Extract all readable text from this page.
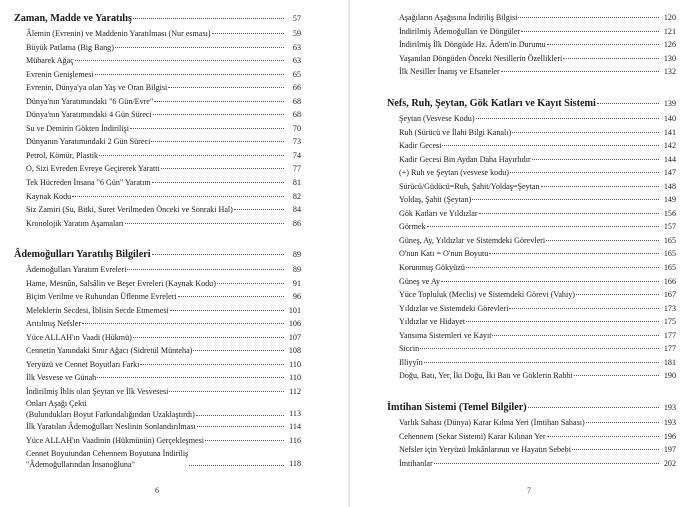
Zaman, Madde ve Yaratılış	57
Âlemin (Evrenin) ve Maddenin Yaratılması (Nur esması)	59
Büyük Patlama (Big Bang)	63
Mübarek Ağaç	63
Evrenin Genişlemesi	65
Evrenin, Dünya'ya olan Yaş ve Oran Bilgisi	66
Dünya'nın Yaratımındaki "6 Gün/Evre"	68
Dünya'nın Yaratımındaki 4 Gün Süreci	68
Su ve Demirin Gökten İndirilişi	70
Dünyanın Yaratımındaki 2 Gün Süreci	73
Petrol, Kömür, Plastik	74
O, Sizi Evreden Evreye Geçirerek Yarattı	77
Tek Hücreden İnsana "6 Gün" Yaratım	81
Kaynak Kodu	82
Siz Zamiri (Su, Bitki, Suret Verilmeden Önceki ve Sonraki Hal)	84
Kronolojik Yaratım Aşamaları	86
Âdemoğulları Yaratılış Bilgileri	89
Âdemoğulları Yaratım Evreleri	89
Hame, Mesnûn, Salsâlin ve Beşer Evreleri (Kaynak Kodu)	91
Biçim Verilme ve Ruhundan Üflenme Evreleri	96
Meleklerin Secdesi, İblisin Secde Etmemesi	101
Arıtılmış Nefsler	106
Yüce ALLAH'ın Vaadi (Hükmü)	107
Cennetin Yanındaki Sınır Ağacı (Sidretül Münteha)	108
Yeryüzü ve Cennet Boyutları Farkı	110
İlk Vesvese ve Günah	110
İndirilmiş İblis olan Şeytan ve İlk Vesvesesi	112
Onları Aşağı Çekti
(Bulundukları Boyut Farkındalığından Uzaklaştırdı)	113
İlk Yaratılan Âdemoğulları Neslinin Sonlandırılması	114
Yüce ALLAH'ın Vaadinin (Hükmünün) Gerçekleşmesi	116
Cennet Boyutundan Cehennem Boyutuna İndiriliş
"Âdemoğullarından İnsanoğluna"	118
6
Aşağıların Aşağısına İndiriliş Bilgisi	120
İndirilmiş Âdemoğulları ve Döngüler	121
İndirilmiş İlk Döngüde Hz. Âdem'in Durumu	126
Yaşanılan Döngüden Önceki Nesillerin Özellikleri	130
İlk Nesiller İnanış ve Efsaneler	132
Nefs, Ruh, Şeytan, Gök Katları ve Kayıt Sistemi	139
Şeytan (Vesvese Kodu)	140
Ruh (Sürücü ve İlahi Bilgi Kanalı)	141
Kadir Gecesi	142
Kadir Gecesi Bin Aydan Daha Hayırlıdır	144
(+) Ruh ve Şeytan (vesvese kodu)	147
Sürücü/Güdücü=Ruh, Şahit/Yoldaş=Şeytan	148
Yoldaş, Şahit (Şeytan)	149
Gök Katları ve Yıldızlar	156
Görmek	157
Güneş, Ay, Yıldızlar ve Sistemdeki Görevleri	165
O'nun Katı = O'nun Boyutu	165
Korunmuş Gökyüzü	165
Güneş ve Ay	166
Yüce Topluluk (Meclis) ve Sistemdeki Görevi (Vahiy)	167
Yıldızlar ve Sistemdeki Görevleri	173
Yıldızlar ve Hidayet	175
Yansıma Sistemleri ve Kayıt	177
Siccin	177
Illiyyîn	181
Doğu, Batı, Yer, İki Doğu, İki Batı ve Göklerin Rabbi	190
İmtihan Sistemi (Temel Bilgiler)	193
Varlık Sahası (Dünya) Karar Kılma Yeri (İmtihan Sahası)	193
Cehennem (Sekar Sistemi) Karar Kılınan Yer	196
Nefsler için Yeryüzü İmkânlarının ve Hayatın Sebebi	197
İmtihanlar	202
7
